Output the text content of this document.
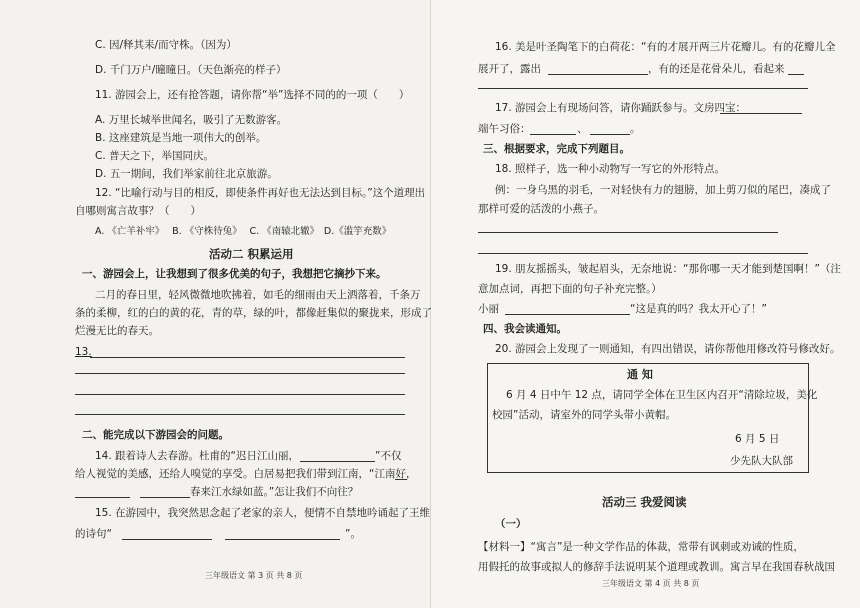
C. 因/释其耒/而守株。（因为）
D. 千门万户/曈曈日。（天色渐亮的样子）
11. 游园会上，还有抢答题，请你帮“举”选择不同的的一项（　　）
A. 万里长城举世闻名，吸引了无数游客。
B. 这座建筑是当地一项伟大的创举。
C. 普天之下，举国同庆。
D. 五一期间，我们举家前往北京旅游。
12. “比喻行动与目的相反，即使条件再好也无法达到目标。”这个道理出
自哪则寓言故事？（　　）
A. 《亡羊补牢》　 B. 《守株待兔》　 C. 《南辕北辙》　D.《滥竽充数》
活动二 积累运用
一、游园会上，让我想到了很多优美的句子，我想把它摘抄下来。
二月的春日里，轻风微微地吹拂着，如毛的细雨由天上洒落着，千条万
条的柔柳，红的白的黄的花，青的草，绿的叶，都像赶集似的聚拢来，形成了
烂漫无比的春天。
13.
二、能完成以下游园会的问题。
14. 跟着诗人去春游。杜甫的“迟日江山丽，	”不仅
给人视觉的美感，还给人嗅觉的享受。白居易把我们带到江南，“江南好，
春来江水绿如蓝。”怎让我们不向往？
15. 在游园中，我突然思念起了老家的亲人，便情不自禁地吟诵起了王维
的诗句“	”。
三年级语文 第 3 页 共 8 页
16. 美是叶圣陶笔下的白荷花：“有的才展开两三片花瓣儿。有的花瓣儿全
展开了，露出	，有的还是花骨朵儿，看起来
17. 游园会上有现场问答，请你踊跃参与。文房四宝：
端午习俗：	、	。
三、根据要求，完成下列题目。
18. 照样子，选一种小动物写一写它的外形特点。
例：一身乌黑的羽毛，一对轻快有力的翅膀，加上剪刀似的尾巴，凑成了
那样可爱的活泼的小燕子。
19. 朋友摇摇头，皱起眉头，无奈地说：“那你哪一天才能到楚国啊！”（注
意加点词，再把下面的句子补充完整。）
小丽	“这是真的吗？我太开心了！”
四、我会读通知。
20. 游园会上发现了一则通知，有四出错误，请你帮他用修改符号修改好。
通 知
6 月 4 日中午 12 点，请同学全体在卫生区内召开“清除垃圾，美化
校园”活动，请室外的同学头带小黄帽。
6 月 5 日
少先队大队部
活动三 我爱阅读
（一）
【材料一】“寓言”是一种文学作品的体裁，常带有讽刺或劝诫的性质，
用假托的故事或拟人的修辞手法说明某个道理或教训。寓言早在我国春秋战国
三年级语文 第 4 页 共 8 页
